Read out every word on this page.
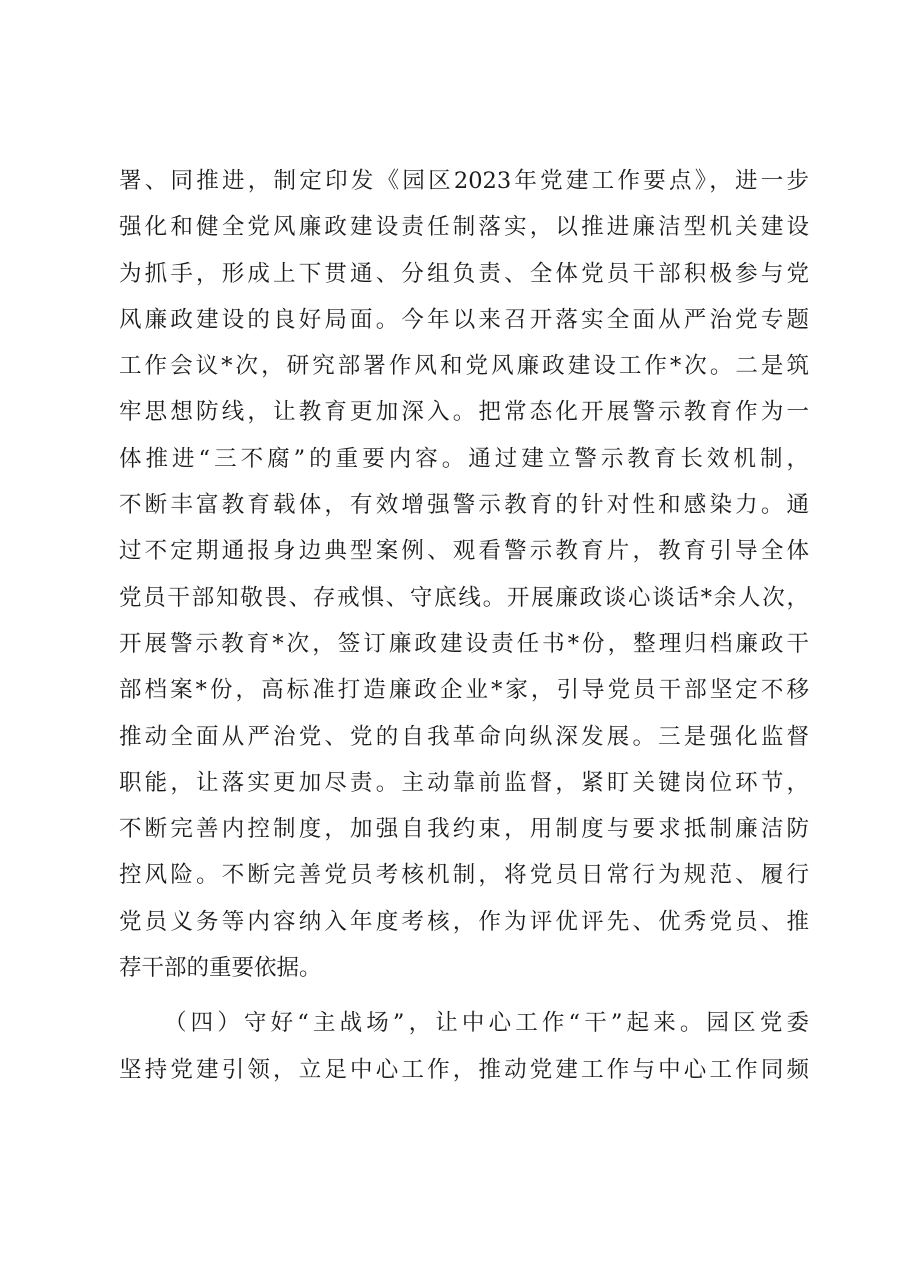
署、同推进，制定印发《园区2023年党建工作要点》，进一步
强化和健全党风廉政建设责任制落实，以推进廉洁型机关建设
为抓手，形成上下贯通、分组负责、全体党员干部积极参与党
风廉政建设的良好局面。今年以来召开落实全面从严治党专题
工作会议*次，研究部署作风和党风廉政建设工作*次。二是筑
牢思想防线，让教育更加深入。把常态化开展警示教育作为一
体推进“三不腐”的重要内容。通过建立警示教育长效机制，
不断丰富教育载体，有效增强警示教育的针对性和感染力。通
过不定期通报身边典型案例、观看警示教育片，教育引导全体
党员干部知敬畏、存戒惧、守底线。开展廉政谈心谈话*余人次，
开展警示教育*次，签订廉政建设责任书*份，整理归档廉政干
部档案*份，高标准打造廉政企业*家，引导党员干部坚定不移
推动全面从严治党、党的自我革命向纵深发展。三是强化监督
职能，让落实更加尽责。主动靠前监督，紧盯关键岗位环节，
不断完善内控制度，加强自我约束，用制度与要求抵制廉洁防
控风险。不断完善党员考核机制，将党员日常行为规范、履行
党员义务等内容纳入年度考核，作为评优评先、优秀党员、推
荐干部的重要依据。
（四）守好“主战场”，让中心工作“干”起来。园区党委
坚持党建引领，立足中心工作，推动党建工作与中心工作同频
